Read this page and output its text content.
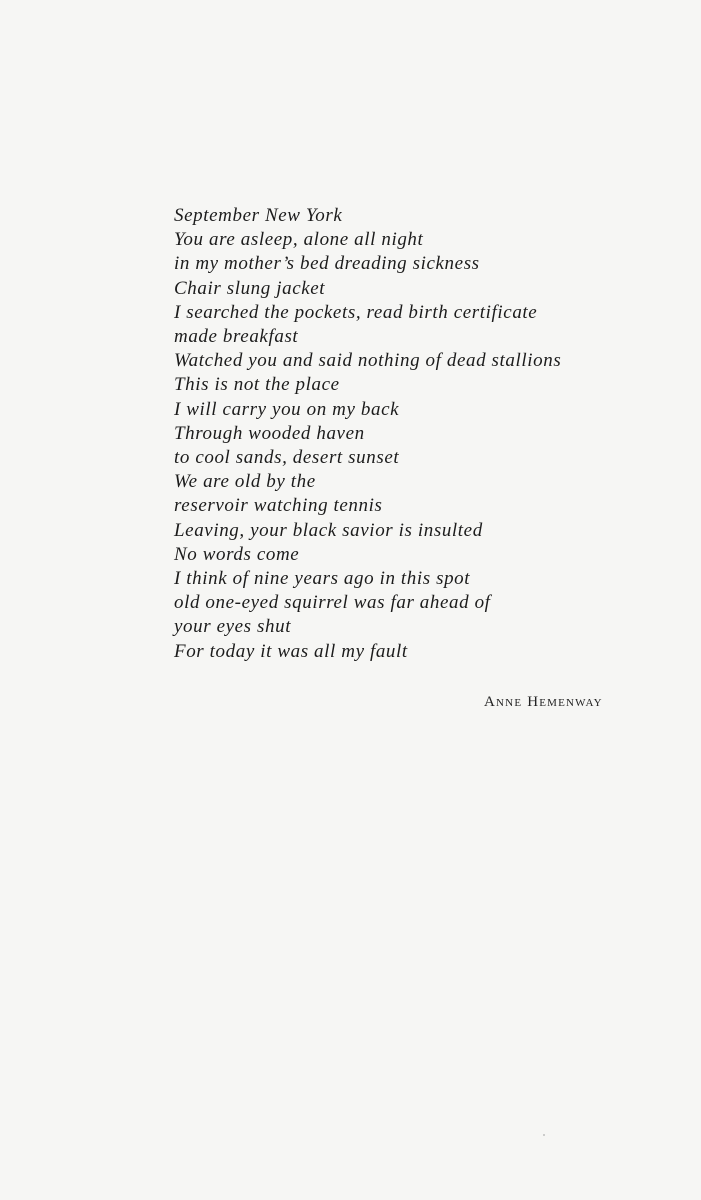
September New York
You are asleep, alone all night
in my mother’s bed dreading sickness
Chair slung jacket
I searched the pockets, read birth certificate
made breakfast
Watched you and said nothing of dead stallions
This is not the place
I will carry you on my back
Through wooded haven
to cool sands, desert sunset
We are old by the
reservoir watching tennis
Leaving, your black savior is insulted
No words come
I think of nine years ago in this spot
old one-eyed squirrel was far ahead of
your eyes shut
For today it was all my fault
Anne Hemenway
